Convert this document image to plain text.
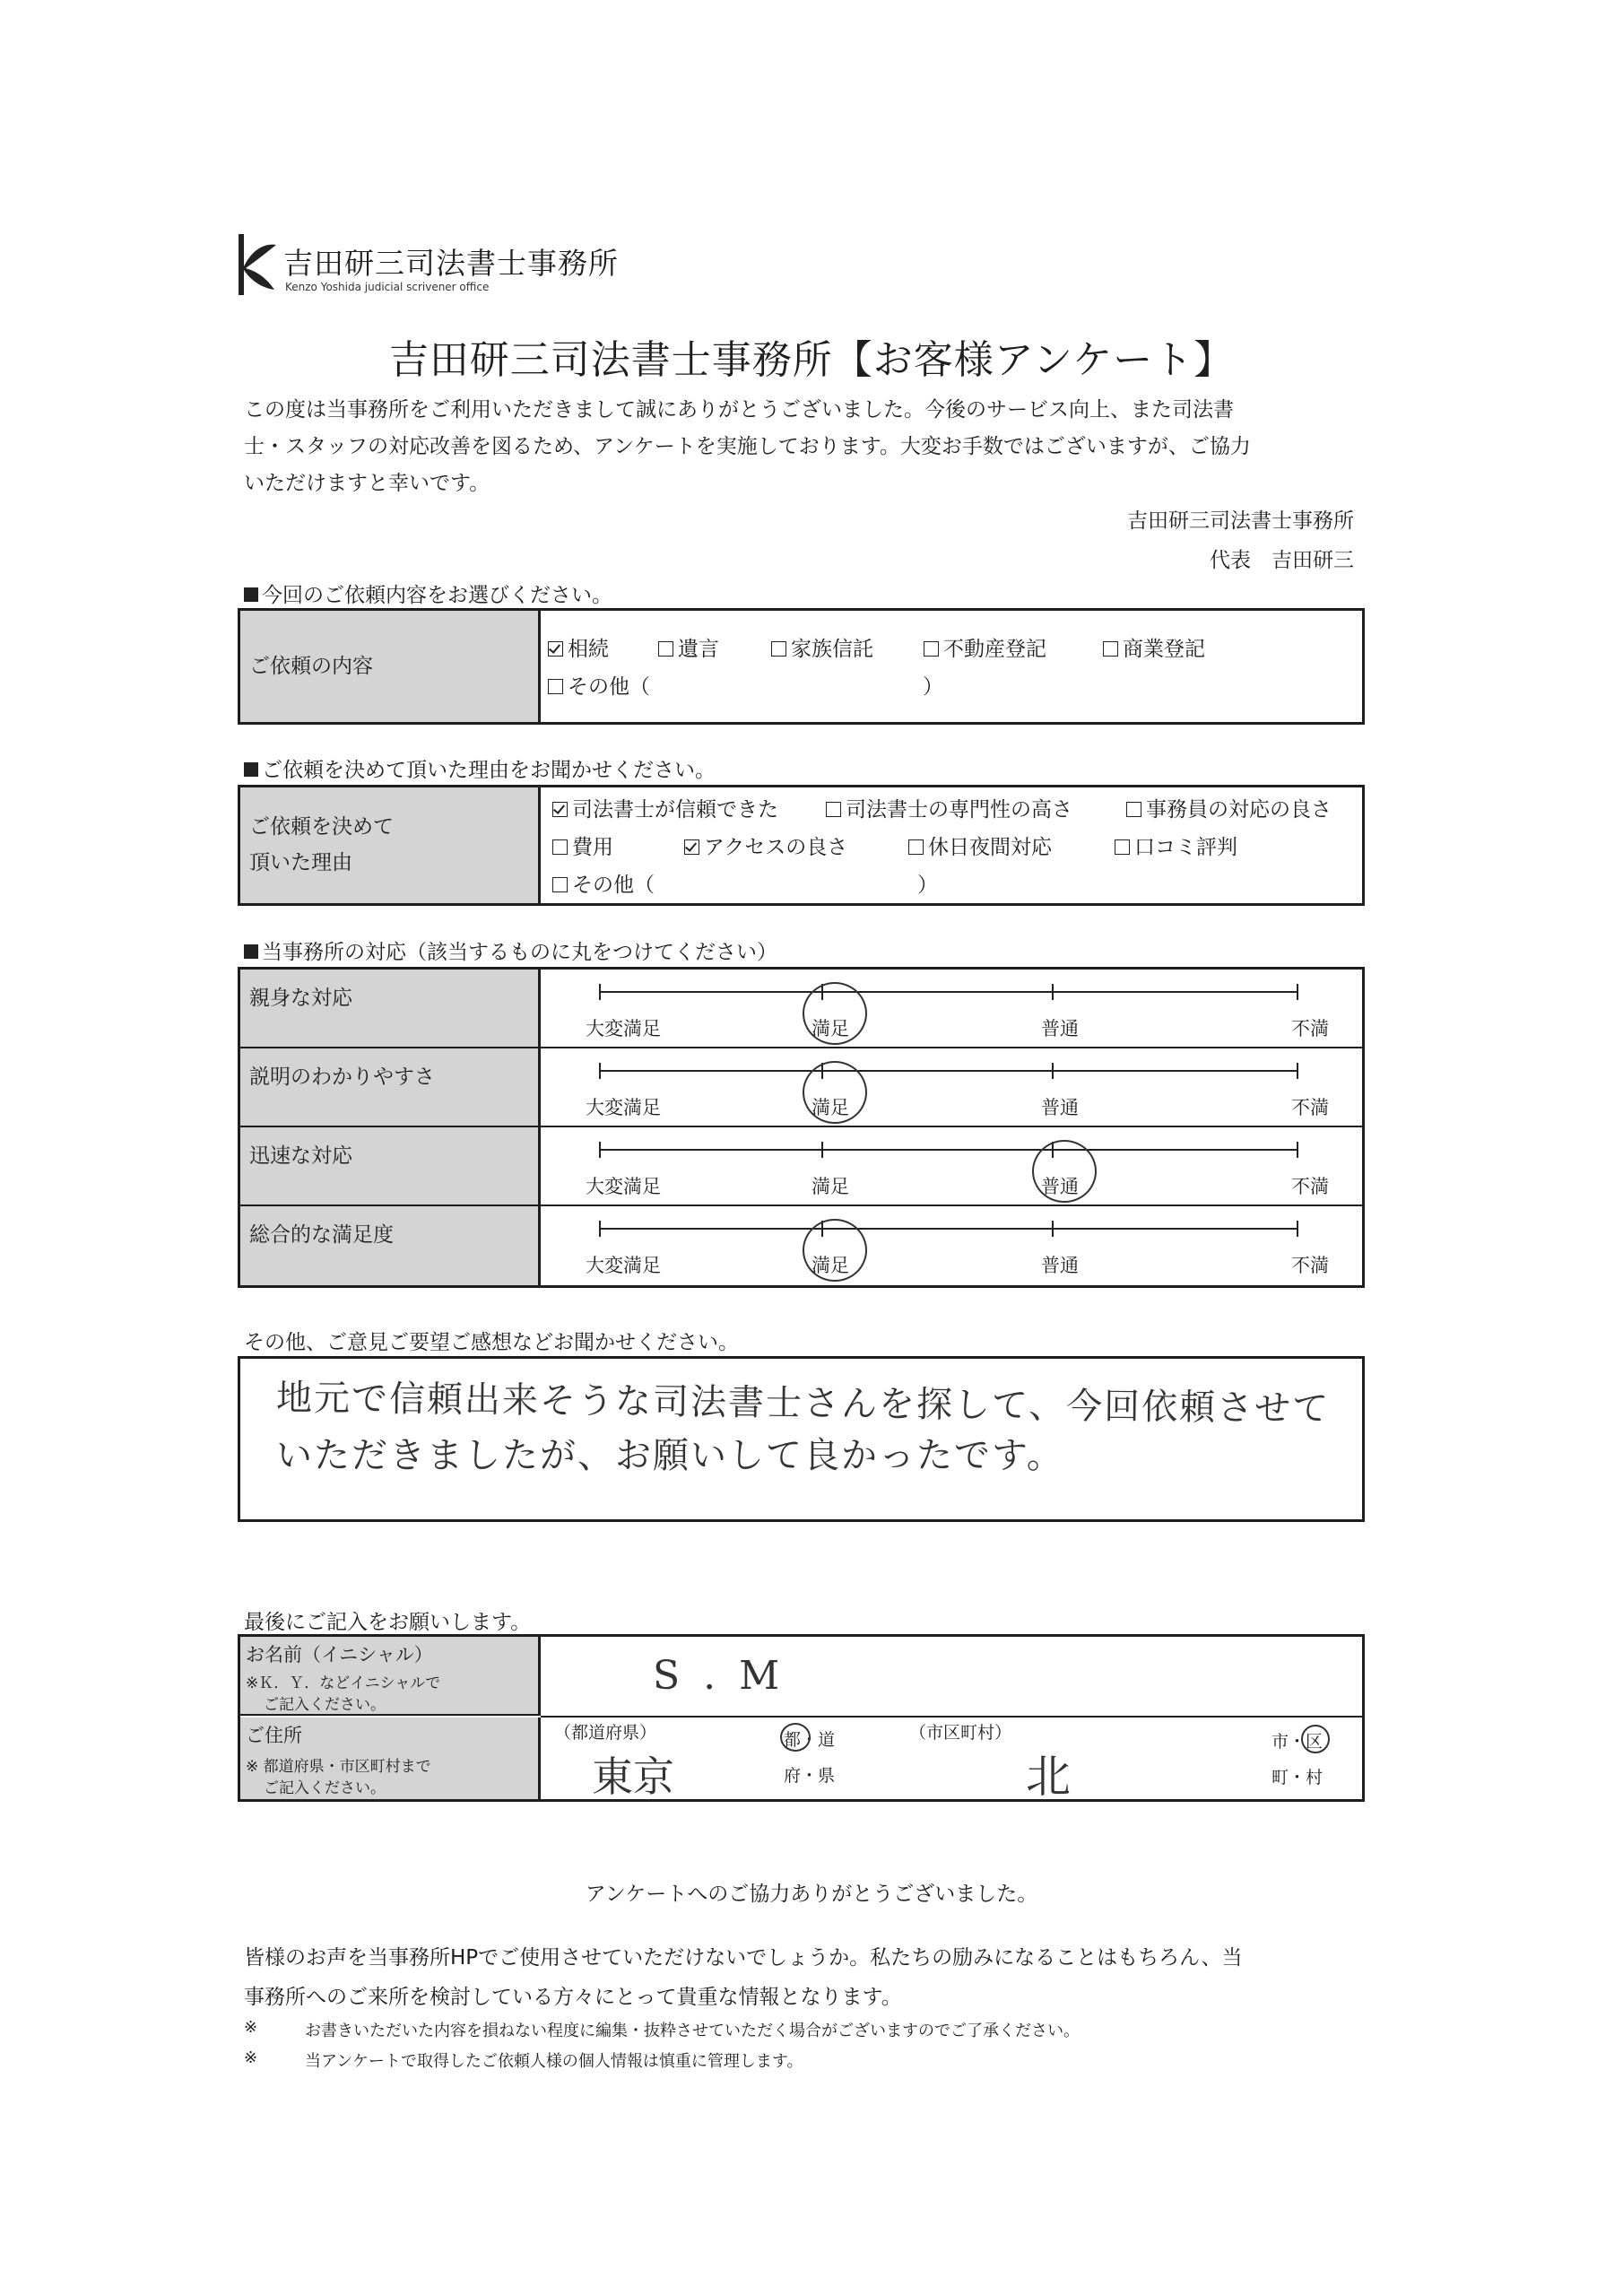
吉田研三司法書士事務所
Kenzo Yoshida judicial scrivener office
吉田研三司法書士事務所【お客様アンケート】

この度は当事務所をご利用いただきまして誠にありがとうございました。今後のサービス向上、また司法書

士・スタッフの対応改善を図るため、アンケートを実施しております。大変お手数ではございますが、ご協力

いただけますと幸いです。

吉田研三司法書士事務所
代表　吉田研三
今回のご依頼内容をお選びください。
ご依頼の内容
相続	遺言	家族信託	不動産登記	商業登記
その他（	）
ご依頼を決めて頂いた理由をお聞かせください。
ご依頼を決めて
頂いた理由
司法書士が信頼できた	司法書士の専門性の高さ	事務員の対応の良さ
費用	アクセスの良さ	休日夜間対応	口コミ評判
その他（	）
当事務所の対応（該当するものに丸をつけてください）
親身な対応
大変満足	満足	普通	不満
説明のわかりやすさ
大変満足	満足	普通	不満
迅速な対応
大変満足	満足	普通	不満
総合的な満足度
大変満足	満足	普通	不満
その他、ご意見ご要望ご感想などお聞かせください。
地元で信頼出来そうな司法書士さんを探して、今回依頼させて
いただきましたが、お願いして良かったです。
最後にご記入をお願いします。
お名前（イニシャル）
※Ｋ．Ｙ．などイニシャルで
ご記入ください。
S . M
ご住所
※ 都道府県・市区町村まで
ご記入ください。
（都道府県）
東京
都・道
府・県
（市区町村）
北
市・区
町・村
アンケートへのご協力ありがとうございました。
皆様のお声を当事務所HPでご使用させていただけないでしょうか。私たちの励みになることはもちろん、当
事務所へのご来所を検討している方々にとって貴重な情報となります。
※	お書きいただいた内容を損ねない程度に編集・抜粋させていただく場合がございますのでご了承ください。
※	当アンケートで取得したご依頼人様の個人情報は慎重に管理します。
